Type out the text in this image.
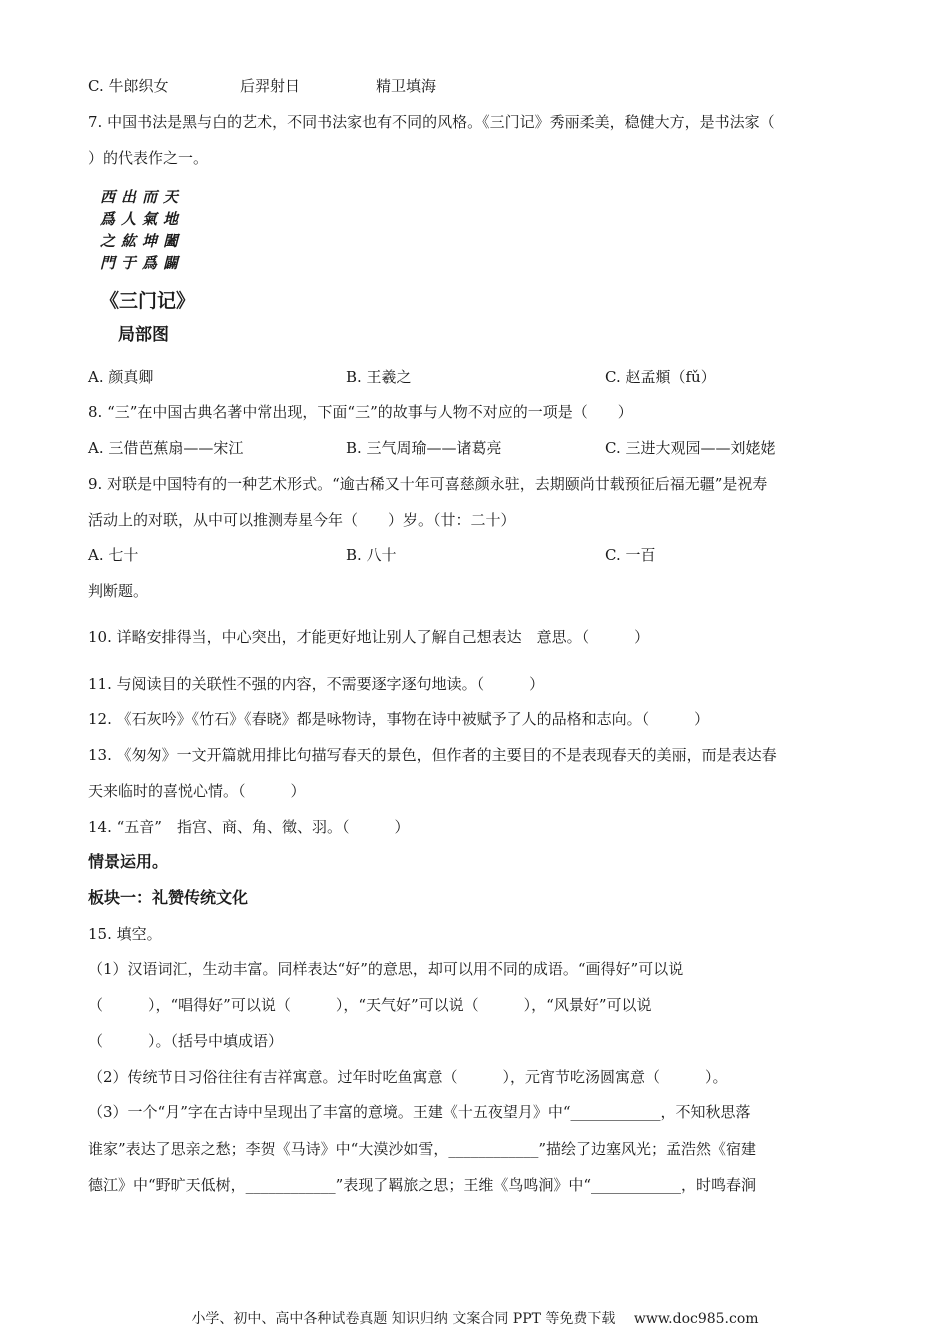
C. 牛郎织女	后羿射日	精卫填海
7. 中国书法是黑与白的艺术，不同书法家也有不同的风格。《三门记》秀丽柔美，稳健大方，是书法家（
）的代表作之一。
西出而天
爲人氣地
之紘坤闔
門于爲闢
《三门记》
局部图
A. 颜真卿	B. 王羲之	C. 赵孟頫（fǔ）
8. “三”在中国古典名著中常出现，下面“三”的故事与人物不对应的一项是（　　）
A. 三借芭蕉扇——宋江	B. 三气周瑜——诸葛亮	C. 三进大观园——刘姥姥
9. 对联是中国特有的一种艺术形式。“逾古稀又十年可喜慈颜永驻，去期颐尚廿载预征后福无疆”是祝寿
活动上的对联，从中可以推测寿星今年（　　）岁。（廿：二十）
A. 七十	B. 八十	C. 一百
判断题。
10. 详略安排得当，中心突出，才能更好地让别人了解自己想表达　意思。（　　　）
11. 与阅读目的关联性不强的内容，不需要逐字逐句地读。（　　　）
12. 《石灰吟》《竹石》《春晓》都是咏物诗，事物在诗中被赋予了人的品格和志向。（　　　）
13. 《匆匆》一文开篇就用排比句描写春天的景色，但作者的主要目的不是表现春天的美丽，而是表达春
天来临时的喜悦心情。（　　　）
14. “五音”　指宫、商、角、徵、羽。（　　　）
情景运用。
板块一：礼赞传统文化
15. 填空。
（1）汉语词汇，生动丰富。同样表达“好”的意思，却可以用不同的成语。“画得好”可以说
（　　　），“唱得好”可以说（　　　），“天气好”可以说（　　　），“风景好”可以说
（　　　）。（括号中填成语）
（2）传统节日习俗往往有吉祥寓意。过年时吃鱼寓意（　　　），元宵节吃汤圆寓意（　　　）。
（3）一个“月”字在古诗中呈现出了丰富的意境。王建《十五夜望月》中“____________，不知秋思落
谁家”表达了思亲之愁；李贺《马诗》中“大漠沙如雪，____________”描绘了边塞风光；孟浩然《宿建
德江》中“野旷天低树，____________”表现了羁旅之思；王维《鸟鸣涧》中“____________，时鸣春涧
小学、初中、高中各种试卷真题 知识归纳 文案合同 PPT 等免费下载　 www.doc985.com
